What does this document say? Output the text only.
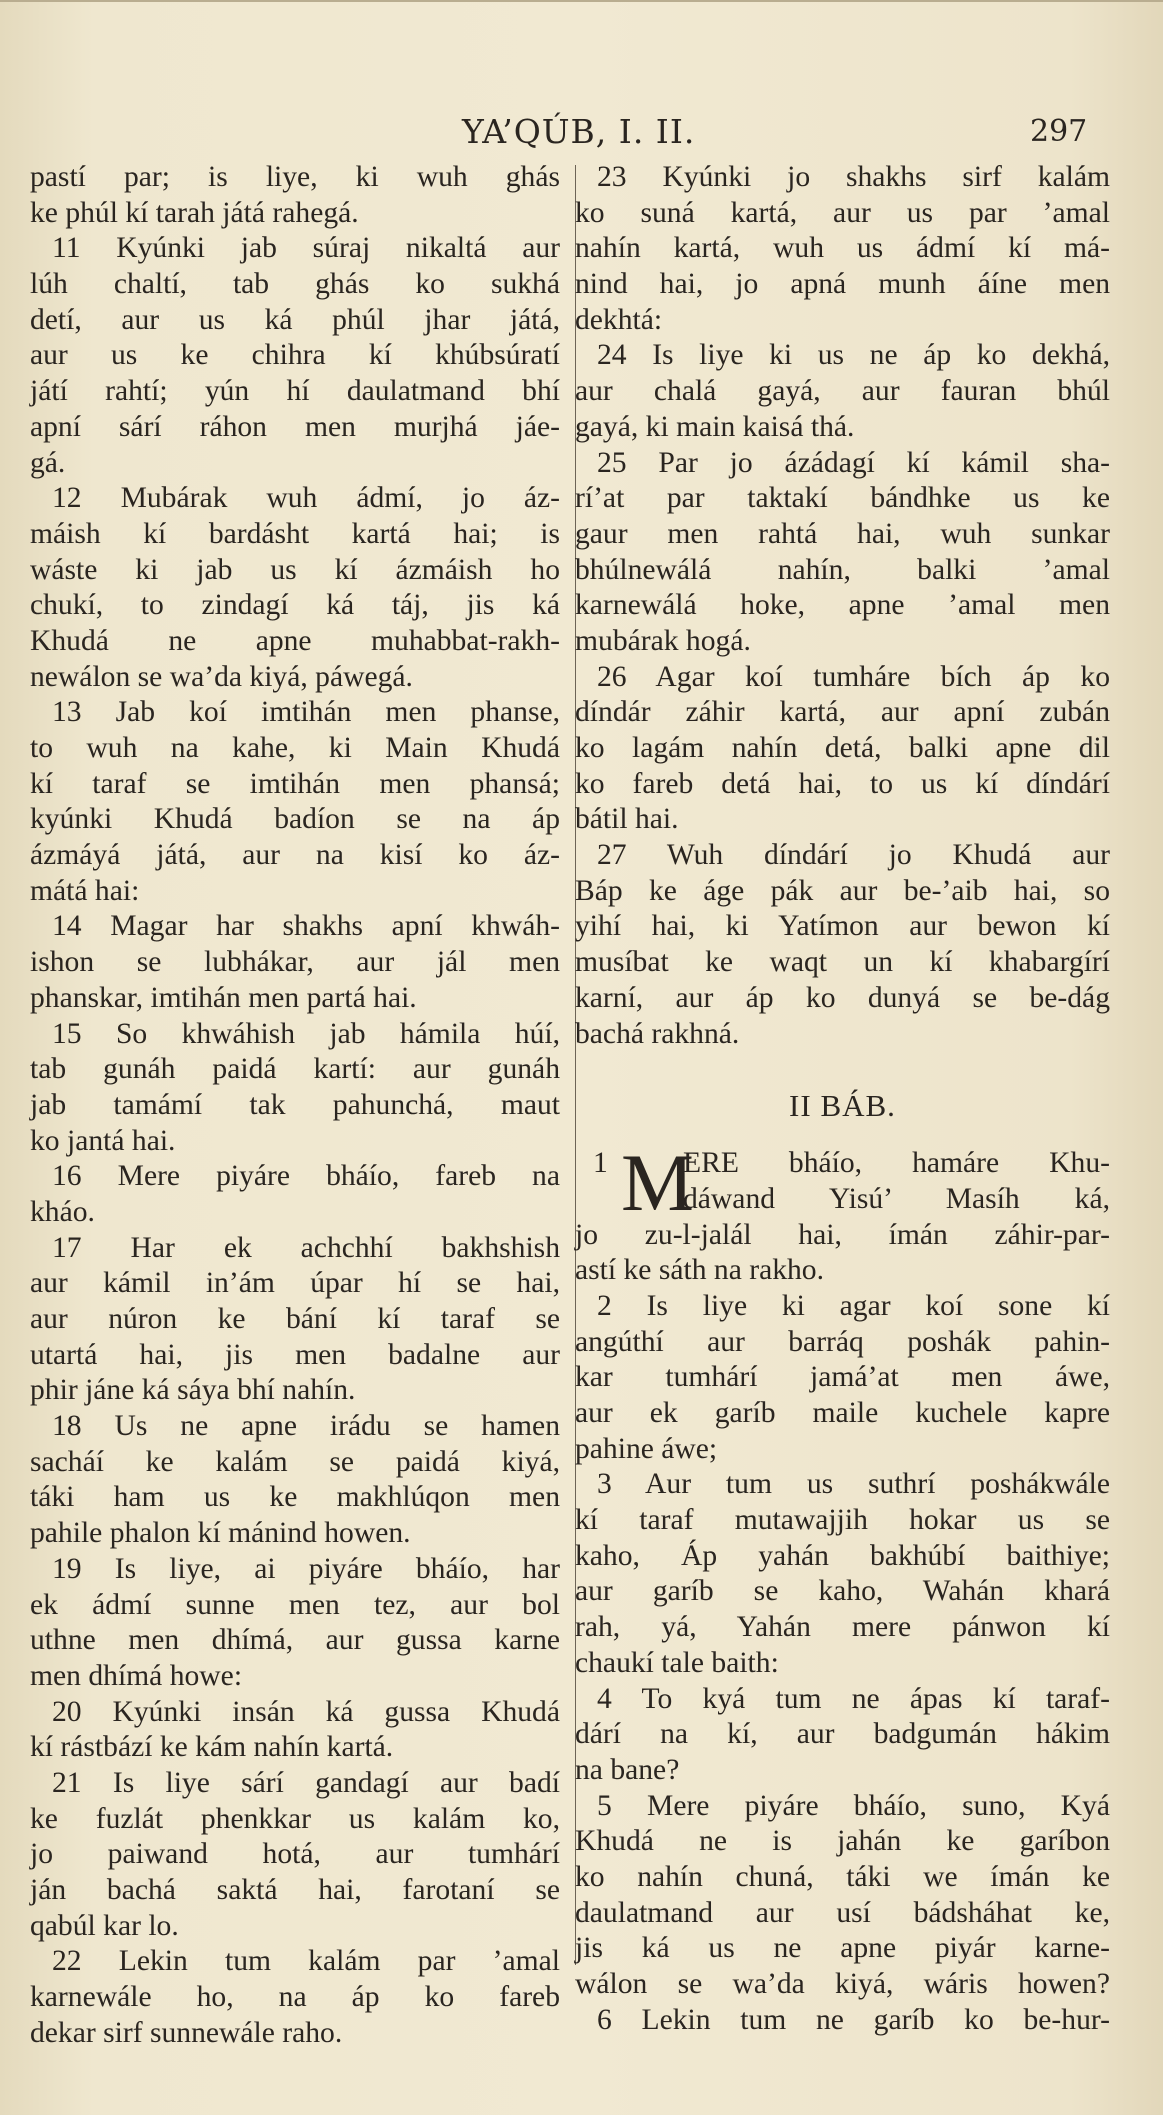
YA’QÚB, I. II.	297
pastí par; is liye, ki wuh ghás
ke phúl kí tarah játá rahegá.
11 Kyúnki jab súraj nikaltá aur
lúh chaltí, tab ghás ko sukhá
detí, aur us ká phúl jhar játá,
aur us ke chihra kí khúbsúratí
játí rahtí; yún hí daulatmand bhí
apní sárí ráhon men murjhá jáe-
gá.
12 Mubárak wuh ádmí, jo áz-
máish kí bardásht kartá hai; is
wáste ki jab us kí ázmáish ho
chukí, to zindagí ká táj, jis ká
Khudá ne apne muhabbat-rakh-
newálon se wa’da kiyá, páwegá.
13 Jab koí imtihán men phanse,
to wuh na kahe, ki Main Khudá
kí taraf se imtihán men phansá;
kyúnki Khudá badíon se na áp
ázmáyá játá, aur na kisí ko áz-
mátá hai:
14 Magar har shakhs apní khwáh-
ishon se lubhákar, aur jál men
phanskar, imtihán men partá hai.
15 So khwáhish jab hámila húí,
tab gunáh paidá kartí: aur gunáh
jab tamámí tak pahunchá, maut
ko jantá hai.
16 Mere piyáre bháío, fareb na
kháo.
17 Har ek achchhí bakhshish
aur kámil in’ám úpar hí se hai,
aur núron ke bání kí taraf se
utartá hai, jis men badalne aur
phir jáne ká sáya bhí nahín.
18 Us ne apne irádu se hamen
sacháí ke kalám se paidá kiyá,
táki ham us ke makhlúqon men
pahile phalon kí mánind howen.
19 Is liye, ai piyáre bháío, har
ek ádmí sunne men tez, aur bol
uthne men dhímá, aur gussa karne
men dhímá howe:
20 Kyúnki insán ká gussa Khudá
kí rástbází ke kám nahín kartá.
21 Is liye sárí gandagí aur badí
ke fuzlát phenkkar us kalám ko,
jo paiwand hotá, aur tumhárí
ján bachá saktá hai, farotaní se
qabúl kar lo.
22 Lekin tum kalám par ’amal
karnewále ho, na áp ko fareb
dekar sirf sunnewále raho.
23 Kyúnki jo shakhs sirf kalám
ko suná kartá, aur us par ’amal
nahín kartá, wuh us ádmí kí má-
nind hai, jo apná munh áíne men
dekhtá:
24 Is liye ki us ne áp ko dekhá,
aur chalá gayá, aur fauran bhúl
gayá, ki main kaisá thá.
25 Par jo ázádagí kí kámil sha-
rí’at par taktakí bándhke us ke
gaur men rahtá hai, wuh sunkar
bhúlnewálá nahín, balki ’amal
karnewálá hoke, apne ’amal men
mubárak hogá.
26 Agar koí tumháre bích áp ko
díndár záhir kartá, aur apní zubán
ko lagám nahín detá, balki apne dil
ko fareb detá hai, to us kí díndárí
bátil hai.
27 Wuh díndárí jo Khudá aur
Báp ke áge pák aur be-’aib hai, so
yihí hai, ki Yatímon aur bewon kí
musíbat ke waqt un kí khabargírí
karní, aur áp ko dunyá se be-dág
bachá rakhná.
II BÁB.
1 M
ERE bháío, hamáre Khu-
dáwand Yisú’ Masíh ká,
jo zu-l-jalál hai, ímán záhir-par-
astí ke sáth na rakho.
2 Is liye ki agar koí sone kí
angúthí aur barráq poshák pahin-
kar tumhárí jamá’at men áwe,
aur ek garíb maile kuchele kapre
pahine áwe;
3 Aur tum us suthrí poshákwále
kí taraf mutawajjih hokar us se
kaho, Áp yahán bakhúbí baithiye;
aur garíb se kaho, Wahán khará
rah, yá, Yahán mere pánwon kí
chaukí tale baith:
4 To kyá tum ne ápas kí taraf-
dárí na kí, aur badgumán hákim
na bane?
5 Mere piyáre bháío, suno, Kyá
Khudá ne is jahán ke garíbon
ko nahín chuná, táki we ímán ke
daulatmand aur usí bádsháhat ke,
jis ká us ne apne piyár karne-
wálon se wa’da kiyá, wáris howen?
6 Lekin tum ne garíb ko be-hur-
